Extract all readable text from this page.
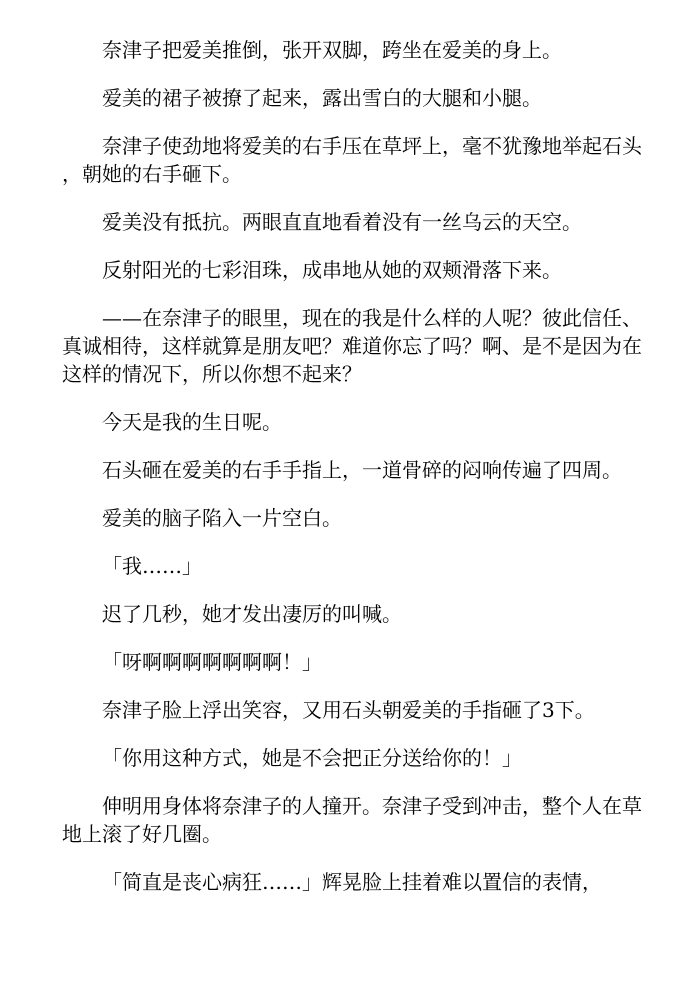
奈津子把爱美推倒，张开双脚，跨坐在爱美的身上。

爱美的裙子被撩了起来，露出雪白的大腿和小腿。

奈津子使劲地将爱美的右手压在草坪上，毫不犹豫地举起石头，朝她的右手砸下。

爱美没有抵抗。两眼直直地看着没有一丝乌云的天空。

反射阳光的七彩泪珠，成串地从她的双颊滑落下来。

——在奈津子的眼里，现在的我是什么样的人呢？彼此信任、真诚相待，这样就算是朋友吧？难道你忘了吗？啊、是不是因为在这样的情况下，所以你想不起来？

今天是我的生日呢。

石头砸在爱美的右手手指上，一道骨碎的闷响传遍了四周。

爱美的脑子陷入一片空白。

「我……」

迟了几秒，她才发出凄厉的叫喊。

「呀啊啊啊啊啊啊啊！」

奈津子脸上浮出笑容，又用石头朝爱美的手指砸了3下。

「你用这种方式，她是不会把正分送给你的！」

伸明用身体将奈津子的人撞开。奈津子受到冲击，整个人在草地上滚了好几圈。

「简直是丧心病狂……」辉晃脸上挂着难以置信的表情，
